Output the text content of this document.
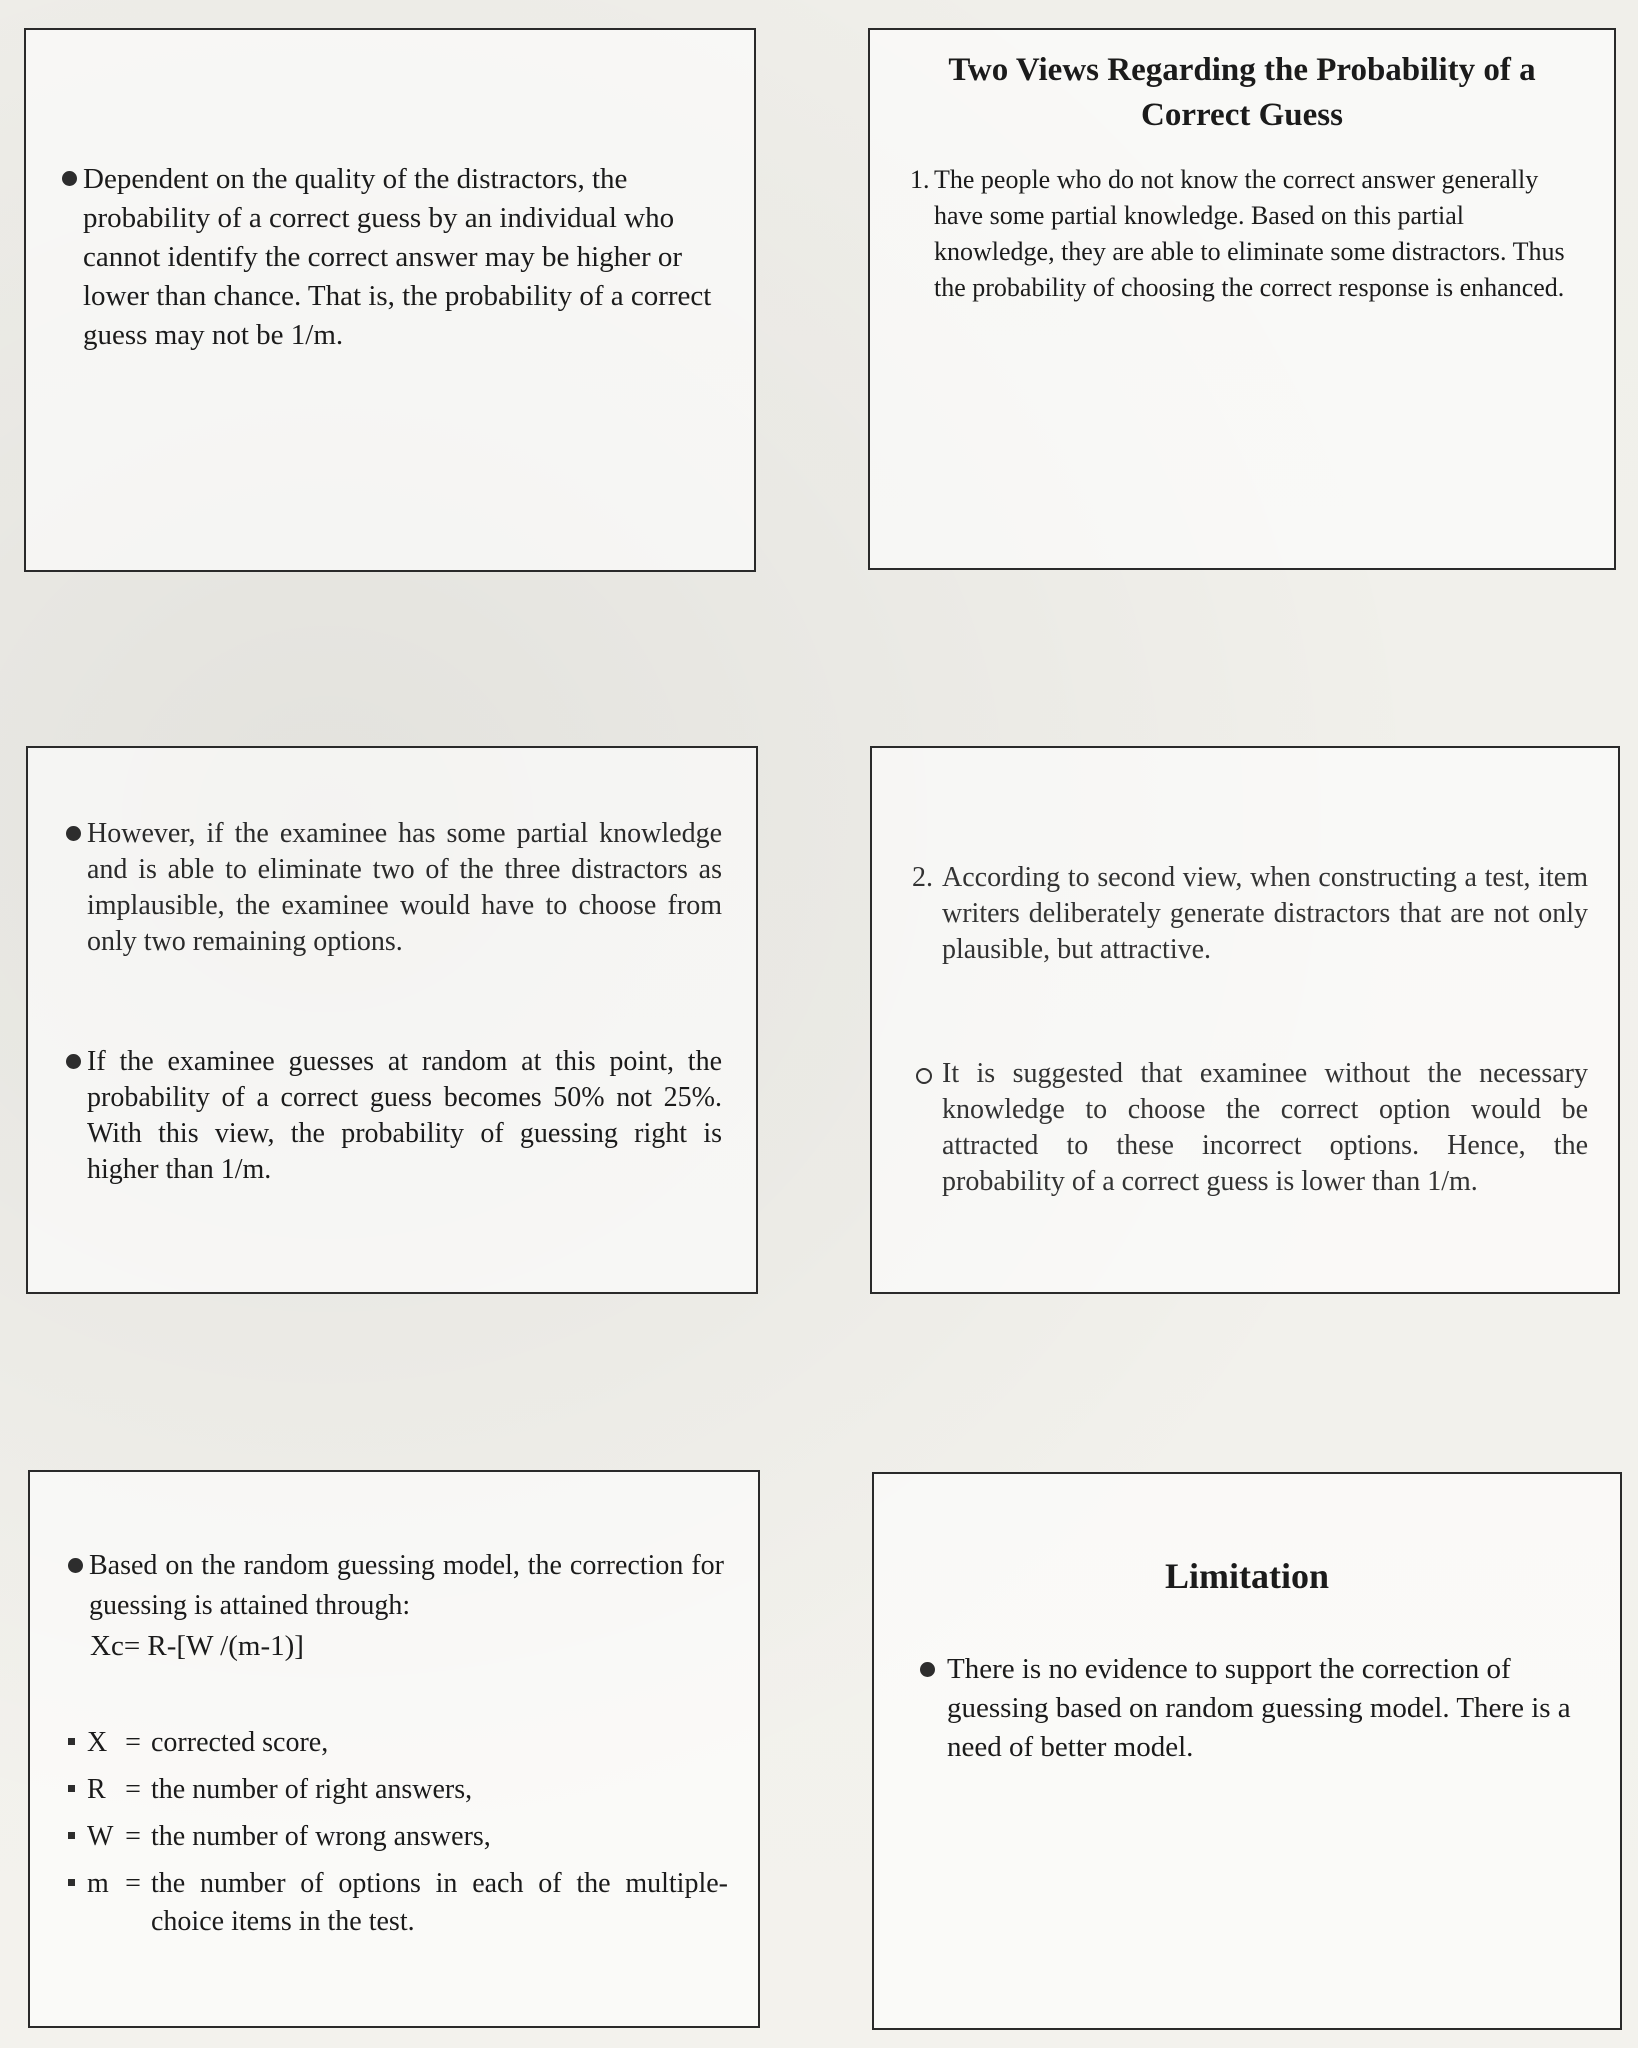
Dependent on the quality of the distractors, the probability of a correct guess by an individual who cannot identify the correct answer may be higher or lower than chance. That is, the probability of a correct guess may not be 1/m.
Two Views Regarding the Probability of a Correct Guess
1. The people who do not know the correct answer generally have some partial knowledge. Based on this partial knowledge, they are able to eliminate some distractors. Thus the probability of choosing the correct response is enhanced.
However, if the examinee has some partial knowledge and is able to eliminate two of the three distractors as implausible, the examinee would have to choose from only two remaining options.
If the examinee guesses at random at this point, the probability of a correct guess becomes 50% not 25%. With this view, the probability of guessing right is higher than 1/m.
2. According to second view, when constructing a test, item writers deliberately generate distractors that are not only plausible, but attractive.
It is suggested that examinee without the necessary knowledge to choose the correct option would be attracted to these incorrect options. Hence, the probability of a correct guess is lower than 1/m.
Based on the random guessing model, the correction for guessing is attained through:
Xc= R-[W /(m-1)]
X = corrected score,
R = the number of right answers,
W = the number of wrong answers,
m = the number of options in each of the multiple-choice items in the test.
Limitation
There is no evidence to support the correction of guessing based on random guessing model. There is a need of better model.
